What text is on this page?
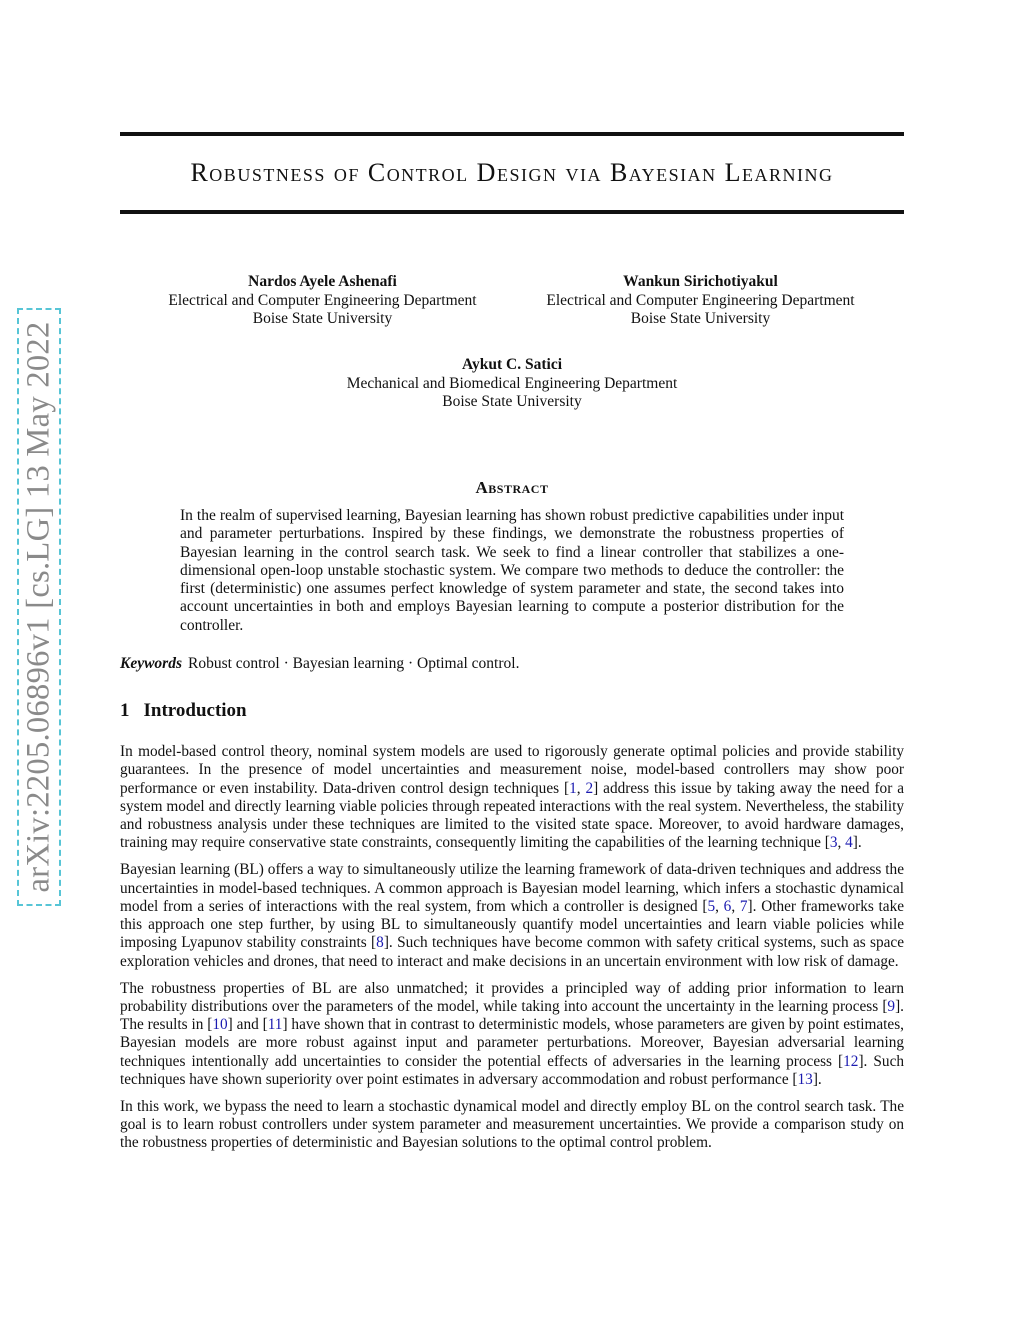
arXiv:2205.06896v1 [cs.LG] 13 May 2022
Robustness of Control Design via Bayesian Learning
Nardos Ayele Ashenafi
Electrical and Computer Engineering Department
Boise State University
Wankun Sirichotiyakul
Electrical and Computer Engineering Department
Boise State University
Aykut C. Satici
Mechanical and Biomedical Engineering Department
Boise State University
Abstract

In the realm of supervised learning, Bayesian learning has shown robust predictive capabilities under input and parameter perturbations. Inspired by these findings, we demonstrate the robustness properties of Bayesian learning in the control search task. We seek to find a linear controller that stabilizes a one-dimensional open-loop unstable stochastic system. We compare two methods to deduce the controller: the first (deterministic) one assumes perfect knowledge of system parameter and state, the second takes into account uncertainties in both and employs Bayesian learning to compute a posterior distribution for the controller.

Keywords Robust control · Bayesian learning · Optimal control.
1 Introduction

In model-based control theory, nominal system models are used to rigorously generate optimal policies and provide stability guarantees. In the presence of model uncertainties and measurement noise, model-based controllers may show poor performance or even instability. Data-driven control design techniques [1, 2] address this issue by taking away the need for a system model and directly learning viable policies through repeated interactions with the real system. Nevertheless, the stability and robustness analysis under these techniques are limited to the visited state space. Moreover, to avoid hardware damages, training may require conservative state constraints, consequently limiting the capabilities of the learning technique [3, 4].

Bayesian learning (BL) offers a way to simultaneously utilize the learning framework of data-driven techniques and address the uncertainties in model-based techniques. A common approach is Bayesian model learning, which infers a stochastic dynamical model from a series of interactions with the real system, from which a controller is designed [5, 6, 7]. Other frameworks take this approach one step further, by using BL to simultaneously quantify model uncertainties and learn viable policies while imposing Lyapunov stability constraints [8]. Such techniques have become common with safety critical systems, such as space exploration vehicles and drones, that need to interact and make decisions in an uncertain environment with low risk of damage.

The robustness properties of BL are also unmatched; it provides a principled way of adding prior information to learn probability distributions over the parameters of the model, while taking into account the uncertainty in the learning process [9]. The results in [10] and [11] have shown that in contrast to deterministic models, whose parameters are given by point estimates, Bayesian models are more robust against input and parameter perturbations. Moreover, Bayesian adversarial learning techniques intentionally add uncertainties to consider the potential effects of adversaries in the learning process [12]. Such techniques have shown superiority over point estimates in adversary accommodation and robust performance [13].

In this work, we bypass the need to learn a stochastic dynamical model and directly employ BL on the control search task. The goal is to learn robust controllers under system parameter and measurement uncertainties. We provide a comparison study on the robustness properties of deterministic and Bayesian solutions to the optimal control problem.
